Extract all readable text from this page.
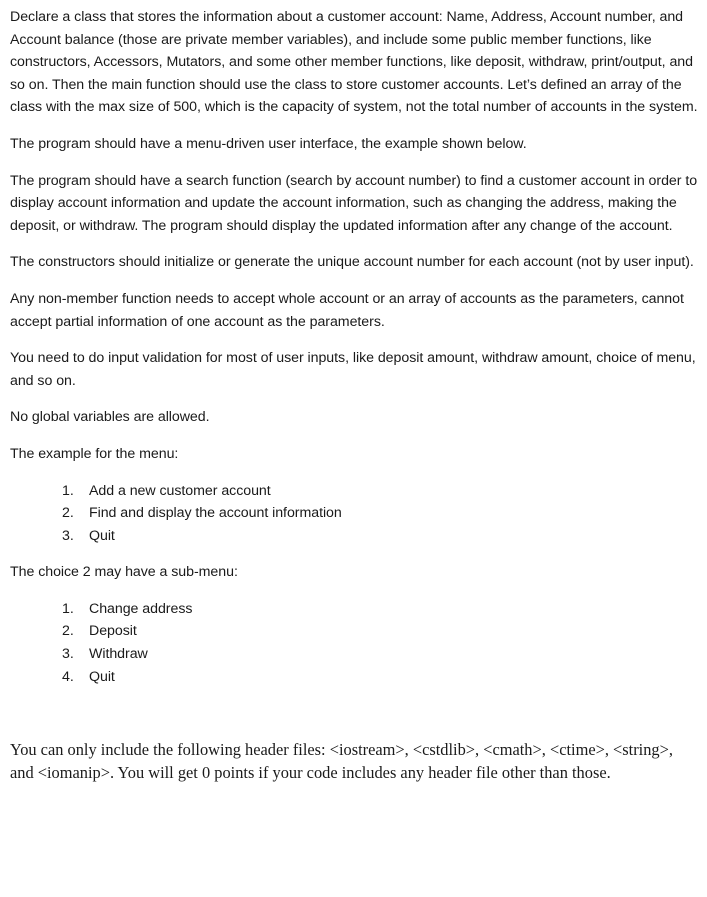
Declare a class that stores the information about a customer account: Name, Address, Account number, and Account balance (those are private member variables), and include some public member functions, like constructors, Accessors, Mutators, and some other member functions, like deposit, withdraw, print/output, and so on. Then the main function should use the class to store customer accounts. Let’s defined an array of the class with the max size of 500, which is the capacity of system, not the total number of accounts in the system.

The program should have a menu-driven user interface, the example shown below.

The program should have a search function (search by account number) to find a customer account in order to display account information and update the account information, such as changing the address, making the deposit, or withdraw. The program should display the updated information after any change of the account.

The constructors should initialize or generate the unique account number for each account (not by user input).

Any non-member function needs to accept whole account or an array of accounts as the parameters, cannot accept partial information of one account as the parameters.

You need to do input validation for most of user inputs, like deposit amount, withdraw amount, choice of menu, and so on.

No global variables are allowed.

The example for the menu:

1.	Add a new customer account
2.	Find and display the account information
3.	Quit

The choice 2 may have a sub-menu:

1.	Change address
2.	Deposit
3.	Withdraw
4.	Quit

You can only include the following header files: <iostream>, <cstdlib>, <cmath>, <ctime>, <string>, and <iomanip>. You will get 0 points if your code includes any header file other than those.
